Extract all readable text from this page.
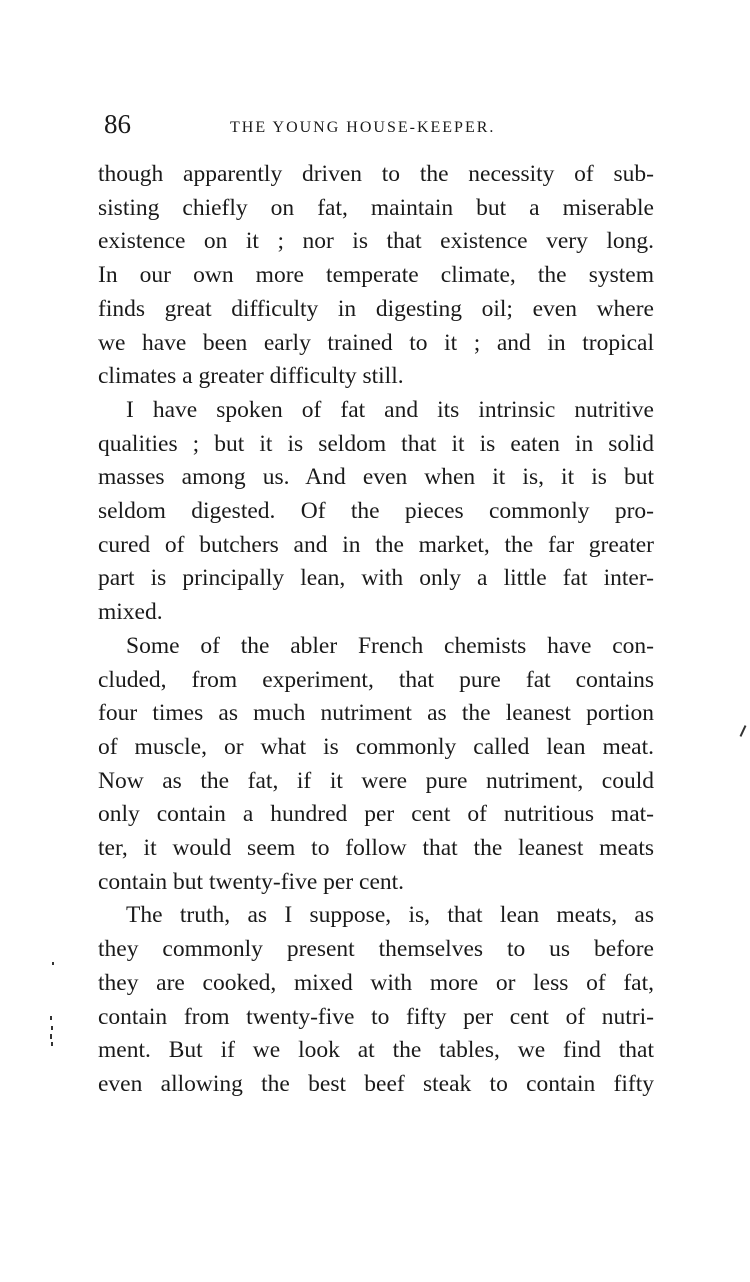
86	THE YOUNG HOUSE-KEEPER.

though apparently driven to the necessity of sub-
sisting chiefly on fat, maintain but a miserable
existence on it ; nor is that existence very long.
In our own more temperate climate, the system
finds great difficulty in digesting oil; even where
we have been early trained to it ; and in tropical
climates a greater difficulty still.

I have spoken of fat and its intrinsic nutritive
qualities ; but it is seldom that it is eaten in solid
masses among us. And even when it is, it is but
seldom digested. Of the pieces commonly pro-
cured of butchers and in the market, the far greater
part is principally lean, with only a little fat inter-
mixed.

Some of the abler French chemists have con-
cluded, from experiment, that pure fat contains
four times as much nutriment as the leanest portion
of muscle, or what is commonly called lean meat.
Now as the fat, if it were pure nutriment, could
only contain a hundred per cent of nutritious mat-
ter, it would seem to follow that the leanest meats
contain but twenty-five per cent.

The truth, as I suppose, is, that lean meats, as
they commonly present themselves to us before
they are cooked, mixed with more or less of fat,
contain from twenty-five to fifty per cent of nutri-
ment. But if we look at the tables, we find that
even allowing the best beef steak to contain fifty
